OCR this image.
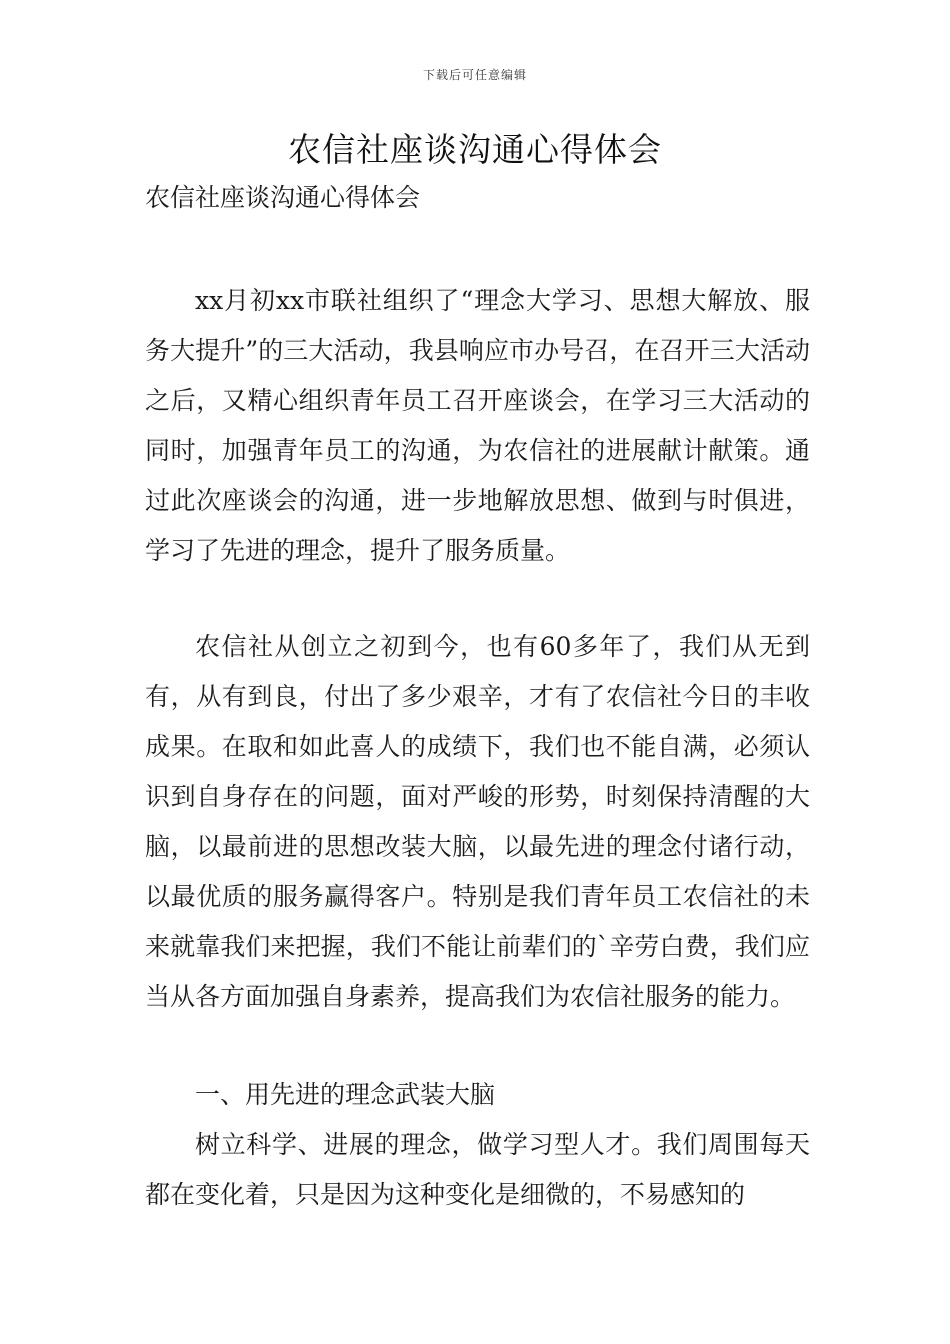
下载后可任意编辑
农信社座谈沟通心得体会
农信社座谈沟通心得体会

xx月初xx市联社组织了“理念大学习、思想大解放、服务大提升”的三大活动，我县响应市办号召，在召开三大活动之后，又精心组织青年员工召开座谈会，在学习三大活动的同时，加强青年员工的沟通，为农信社的进展献计献策。通过此次座谈会的沟通，进一步地解放思想、做到与时俱进，学习了先进的理念，提升了服务质量。

农信社从创立之初到今，也有60多年了，我们从无到有，从有到良，付出了多少艰辛，才有了农信社今日的丰收成果。在取和如此喜人的成绩下，我们也不能自满，必须认识到自身存在的问题，面对严峻的形势，时刻保持清醒的大脑，以最前进的思想改装大脑，以最先进的理念付诸行动，以最优质的服务赢得客户。特别是我们青年员工农信社的未来就靠我们来把握，我们不能让前辈们的`辛劳白费，我们应当从各方面加强自身素养，提高我们为农信社服务的能力。

一、用先进的理念武装大脑

树立科学、进展的理念，做学习型人才。我们周围每天都在变化着，只是因为这种变化是细微的，不易感知的
